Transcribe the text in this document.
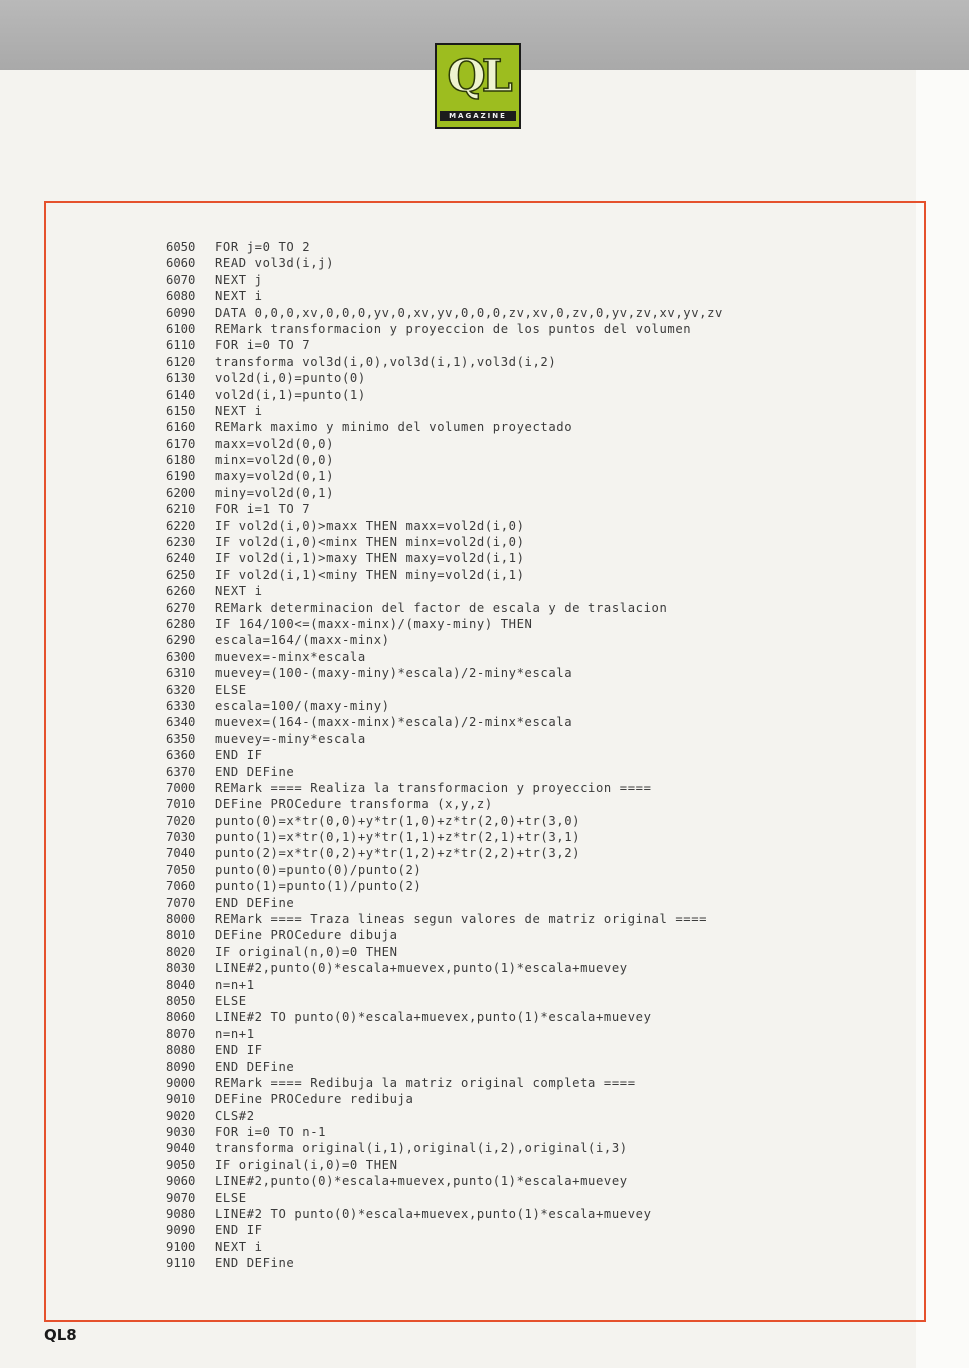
QL
MAGAZINE
6050	FOR j=0 TO 2
6060	READ vol3d(i,j)
6070	NEXT j
6080	NEXT i
6090	DATA 0,0,0,xv,0,0,0,yv,0,xv,yv,0,0,0,zv,xv,0,zv,0,yv,zv,xv,yv,zv
6100	REMark transformacion y proyeccion de los puntos del volumen
6110	FOR i=0 TO 7
6120	transforma vol3d(i,0),vol3d(i,1),vol3d(i,2)
6130	vol2d(i,0)=punto(0)
6140	vol2d(i,1)=punto(1)
6150	NEXT i
6160	REMark maximo y minimo del volumen proyectado
6170	maxx=vol2d(0,0)
6180	minx=vol2d(0,0)
6190	maxy=vol2d(0,1)
6200	miny=vol2d(0,1)
6210	FOR i=1 TO 7
6220	IF vol2d(i,0)>maxx THEN maxx=vol2d(i,0)
6230	IF vol2d(i,0)<minx THEN minx=vol2d(i,0)
6240	IF vol2d(i,1)>maxy THEN maxy=vol2d(i,1)
6250	IF vol2d(i,1)<miny THEN miny=vol2d(i,1)
6260	NEXT i
6270	REMark determinacion del factor de escala y de traslacion
6280	IF 164/100<=(maxx-minx)/(maxy-miny) THEN
6290	escala=164/(maxx-minx)
6300	muevex=-minx*escala
6310	muevey=(100-(maxy-miny)*escala)/2-miny*escala
6320	ELSE
6330	escala=100/(maxy-miny)
6340	muevex=(164-(maxx-minx)*escala)/2-minx*escala
6350	muevey=-miny*escala
6360	END IF
6370	END DEFine
7000	REMark ==== Realiza la transformacion y proyeccion ====
7010	DEFine PROCedure transforma (x,y,z)
7020	punto(0)=x*tr(0,0)+y*tr(1,0)+z*tr(2,0)+tr(3,0)
7030	punto(1)=x*tr(0,1)+y*tr(1,1)+z*tr(2,1)+tr(3,1)
7040	punto(2)=x*tr(0,2)+y*tr(1,2)+z*tr(2,2)+tr(3,2)
7050	punto(0)=punto(0)/punto(2)
7060	punto(1)=punto(1)/punto(2)
7070	END DEFine
8000	REMark ==== Traza lineas segun valores de matriz original ====
8010	DEFine PROCedure dibuja
8020	IF original(n,0)=0 THEN
8030	LINE#2,punto(0)*escala+muevex,punto(1)*escala+muevey
8040	n=n+1
8050	ELSE
8060	LINE#2 TO punto(0)*escala+muevex,punto(1)*escala+muevey
8070	n=n+1
8080	END IF
8090	END DEFine
9000	REMark ==== Redibuja la matriz original completa ====
9010	DEFine PROCedure redibuja
9020	CLS#2
9030	FOR i=0 TO n-1
9040	transforma original(i,1),original(i,2),original(i,3)
9050	IF original(i,0)=0 THEN
9060	LINE#2,punto(0)*escala+muevex,punto(1)*escala+muevey
9070	ELSE
9080	LINE#2 TO punto(0)*escala+muevex,punto(1)*escala+muevey
9090	END IF
9100	NEXT i
9110	END DEFine
QL8
